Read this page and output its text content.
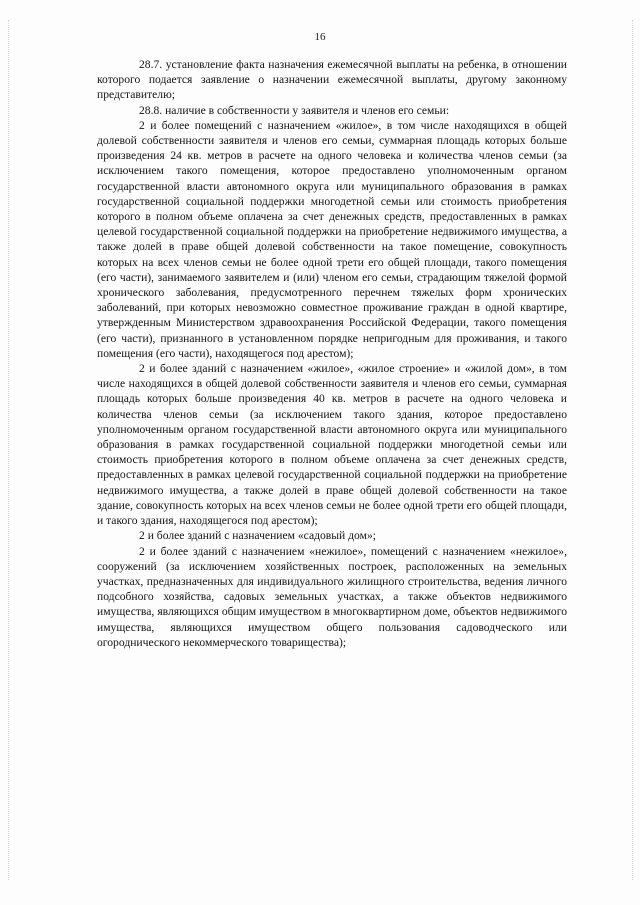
16

28.7. установление факта назначения ежемесячной выплаты на ребенка, в отношении которого подается заявление о назначении ежемесячной выплаты, другому законному представителю;

28.8. наличие в собственности у заявителя и членов его семьи:

2 и более помещений с назначением «жилое», в том числе находящихся в общей долевой собственности заявителя и членов его семьи, суммарная площадь которых больше произведения 24 кв. метров в расчете на одного человека и количества членов семьи (за исключением такого помещения, которое предоставлено уполномоченным органом государственной власти автономного округа или муниципального образования в рамках государственной социальной поддержки многодетной семьи или стоимость приобретения которого в полном объеме оплачена за счет денежных средств, предоставленных в рамках целевой государственной социальной поддержки на приобретение недвижимого имущества, а также долей в праве общей долевой собственности на такое помещение, совокупность которых на всех членов семьи не более одной трети его общей площади, такого помещения (его части), занимаемого заявителем и (или) членом его семьи, страдающим тяжелой формой хронического заболевания, предусмотренного перечнем тяжелых форм хронических заболеваний, при которых невозможно совместное проживание граждан в одной квартире, утвержденным Министерством здравоохранения Российской Федерации, такого помещения (его части), признанного в установленном порядке непригодным для проживания, и такого помещения (его части), находящегося под арестом);

2 и более зданий с назначением «жилое», «жилое строение» и «жилой дом», в том числе находящихся в общей долевой собственности заявителя и членов его семьи, суммарная площадь которых больше произведения 40 кв. метров в расчете на одного человека и количества членов семьи (за исключением такого здания, которое предоставлено уполномоченным органом государственной власти автономного округа или муниципального образования в рамках государственной социальной поддержки многодетной семьи или стоимость приобретения которого в полном объеме оплачена за счет денежных средств, предоставленных в рамках целевой государственной социальной поддержки на приобретение недвижимого имущества, а также долей в праве общей долевой собственности на такое здание, совокупность которых на всех членов семьи не более одной трети его общей площади, и такого здания, находящегося под арестом);

2 и более зданий с назначением «садовый дом»;

2 и более зданий с назначением «нежилое», помещений с назначением «нежилое», сооружений (за исключением хозяйственных построек, расположенных на земельных участках, предназначенных для индивидуального жилищного строительства, ведения личного подсобного хозяйства, садовых земельных участках, а также объектов недвижимого имущества, являющихся общим имуществом в многоквартирном доме, объектов недвижимого имущества, являющихся имуществом общего пользования садоводческого или огороднического некоммерческого товарищества);
